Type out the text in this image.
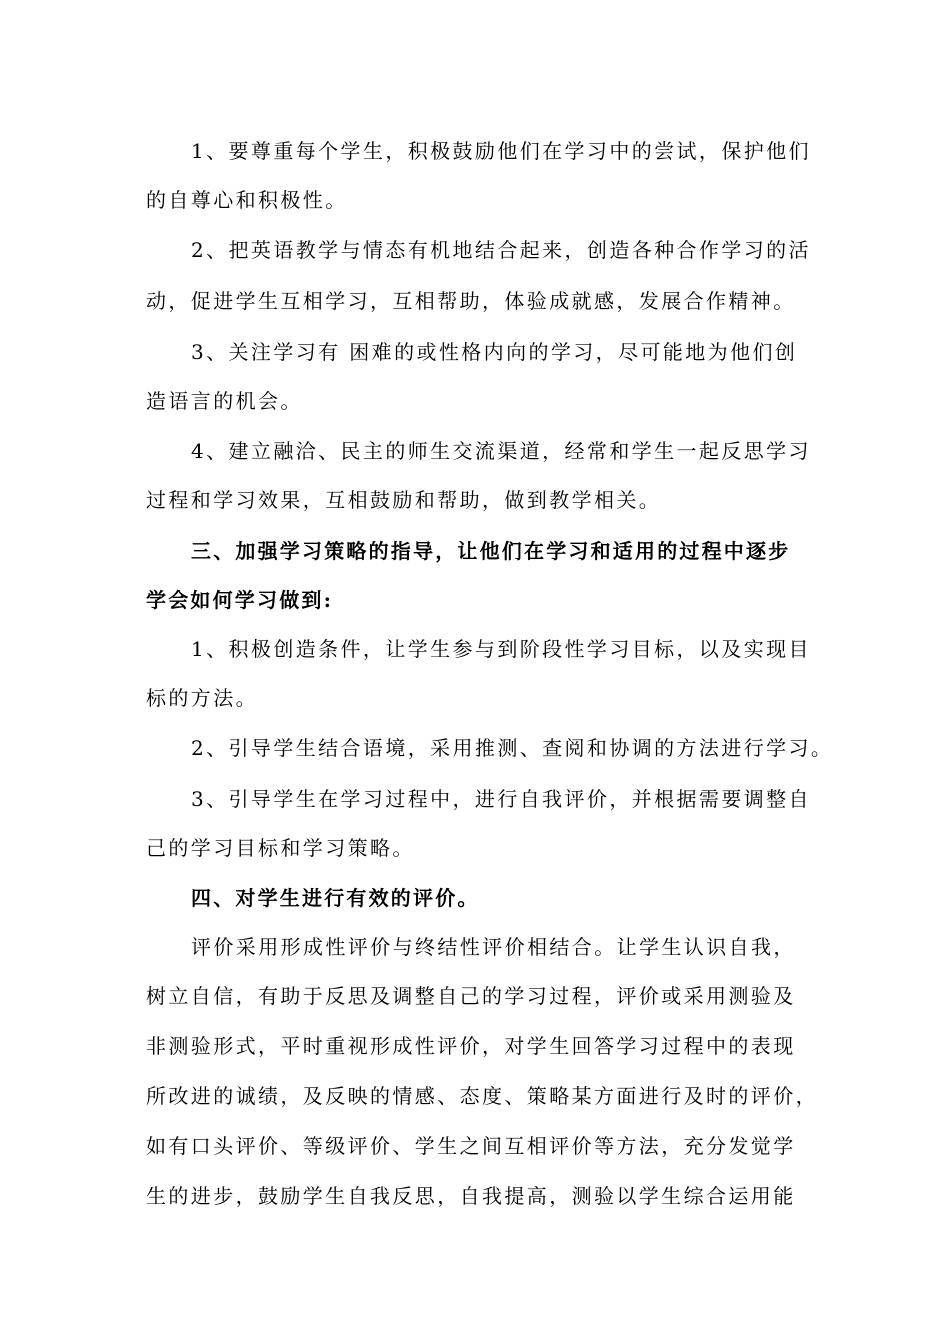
1、要尊重每个学生，积极鼓励他们在学习中的尝试，保护他们
的自尊心和积极性。
2、把英语教学与情态有机地结合起来，创造各种合作学习的活
动，促进学生互相学习，互相帮助，体验成就感，发展合作精神。
3、关注学习有 困难的或性格内向的学习，尽可能地为他们创
造语言的机会。
4、建立融洽、民主的师生交流渠道，经常和学生一起反思学习
过程和学习效果，互相鼓励和帮助，做到教学相关。
三、加强学习策略的指导，让他们在学习和适用的过程中逐步
学会如何学习做到:
1、积极创造条件，让学生参与到阶段性学习目标，以及实现目
标的方法。
2、引导学生结合语境，采用推测、查阅和协调的方法进行学习。
3、引导学生在学习过程中，进行自我评价，并根据需要调整自
己的学习目标和学习策略。
四、对学生进行有效的评价。
评价采用形成性评价与终结性评价相结合。让学生认识自我，
树立自信，有助于反思及调整自己的学习过程，评价或采用测验及
非测验形式，平时重视形成性评价，对学生回答学习过程中的表现
所改进的诚绩，及反映的情感、态度、策略某方面进行及时的评价，
如有口头评价、等级评价、学生之间互相评价等方法，充分发觉学
生的进步，鼓励学生自我反思，自我提高，测验以学生综合运用能
